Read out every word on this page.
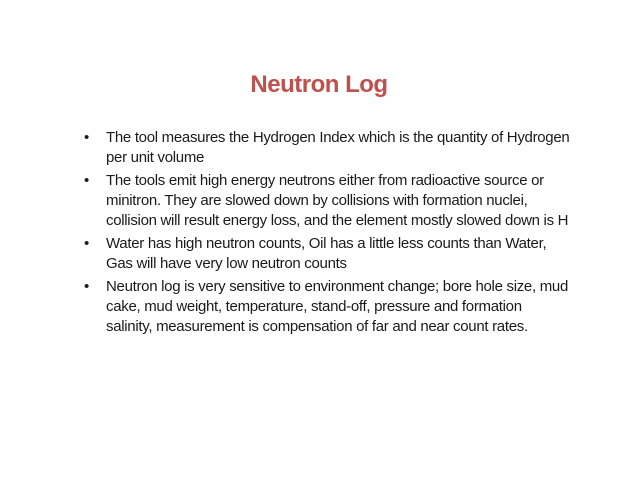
Neutron Log
•	The tool measures the Hydrogen Index which is the quantity of Hydrogen per unit volume
•	The tools emit high energy neutrons either from radioactive source or minitron. They are slowed down by collisions with formation nuclei, collision will result energy loss, and the element mostly slowed down is H
•	Water has high neutron counts, Oil has a little less counts than Water, Gas will have very low neutron counts
•	Neutron log is very sensitive to environment change; bore hole size, mud cake, mud weight, temperature, stand-off, pressure and formation salinity, measurement is compensation of far and near count rates.
